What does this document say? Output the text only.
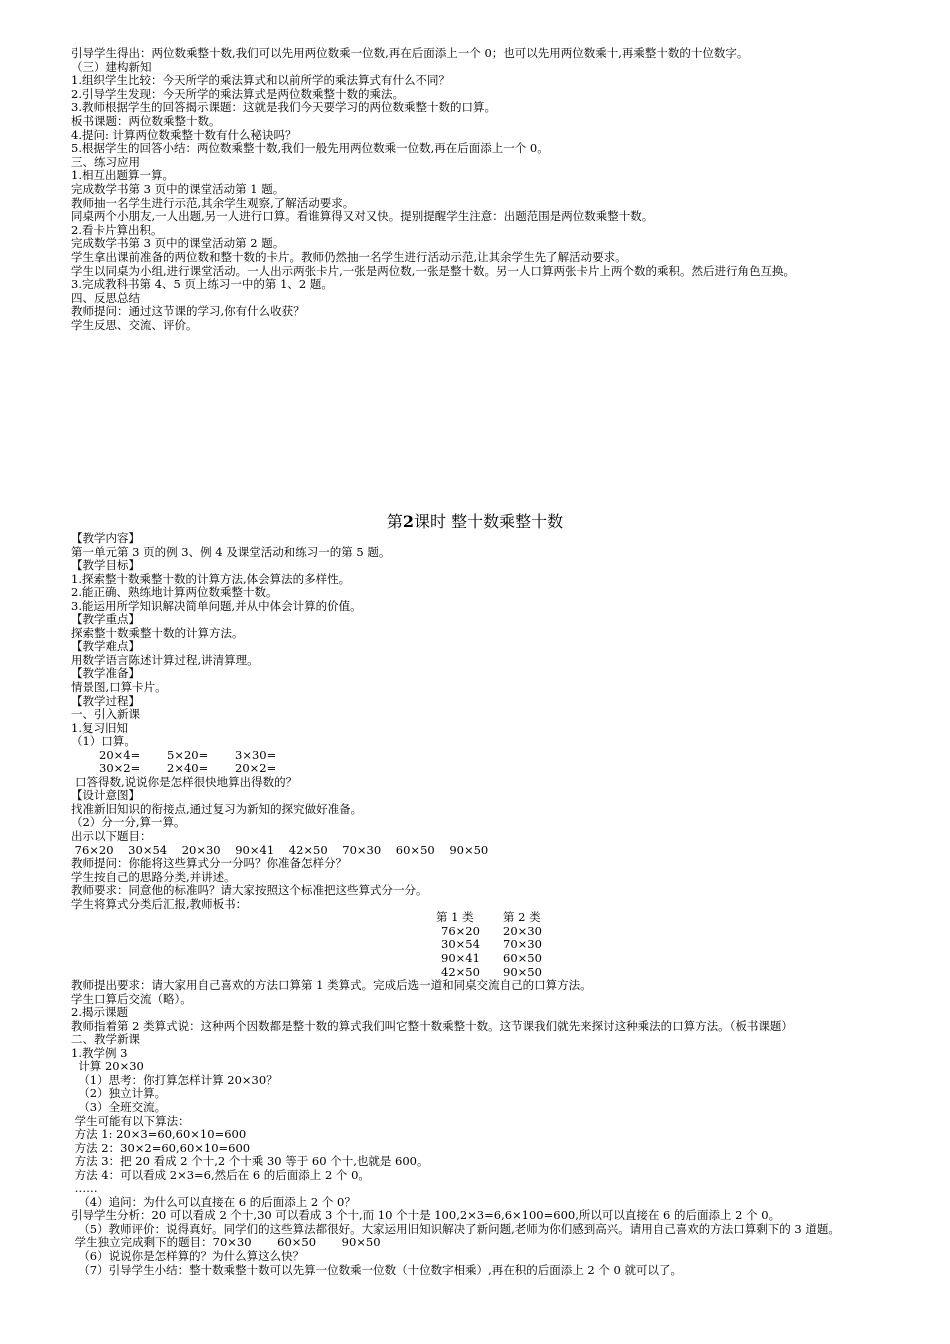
引导学生得出：两位数乘整十数,我们可以先用两位数乘一位数,再在后面添上一个 0；也可以先用两位数乘十,再乘整十数的十位数字。
（三）建构新知
1.组织学生比较：今天所学的乘法算式和以前所学的乘法算式有什么不同？
2.引导学生发现：今天所学的乘法算式是两位数乘整十数的乘法。
3.教师根据学生的回答揭示课题：这就是我们今天要学习的两位数乘整十数的口算。
板书课题：两位数乘整十数。
4.提问: 计算两位数乘整十数有什么秘诀吗？
5.根据学生的回答小结：两位数乘整十数,我们一般先用两位数乘一位数,再在后面添上一个 0。
三、练习应用
1.相互出题算一算。
完成数学书第 3 页中的课堂活动第 1 题。
教师抽一名学生进行示范,其余学生观察,了解活动要求。
同桌两个小朋友,一人出题,另一人进行口算。看谁算得又对又快。提别提醒学生注意：出题范围是两位数乘整十数。
2.看卡片算出积。
完成数学书第 3 页中的课堂活动第 2 题。
学生拿出课前准备的两位数和整十数的卡片。教师仍然抽一名学生进行活动示范,让其余学生先了解活动要求。
学生以同桌为小组,进行课堂活动。一人出示两张卡片,一张是两位数,一张是整十数。另一人口算两张卡片上两个数的乘积。然后进行角色互换。
3.完成教科书第 4、5 页上练习一中的第 1、2 题。
四、反思总结
教师提问：通过这节课的学习,你有什么收获？
学生反思、交流、评价。
第2课时 整十数乘整十数
【教学内容】
第一单元第 3 页的例 3、例 4 及课堂活动和练习一的第 5 题。
【教学目标】
1.探索整十数乘整十数的计算方法,体会算法的多样性。
2.能正确、熟练地计算两位数乘整十数。
3.能运用所学知识解决简单问题,并从中体会计算的价值。
【教学重点】
探索整十数乘整十数的计算方法。
【教学难点】
用数学语言陈述计算过程,讲清算理。
【教学准备】
情景图,口算卡片。
【教学过程】
一、引入新课
1.复习旧知
（1）口算。
20×4= 5×20= 3×30=
30×2= 2×40= 20×2=
口答得数,说说你是怎样很快地算出得数的？
【设计意图】
找准新旧知识的衔接点,通过复习为新知的探究做好准备。
（2）分一分,算一算。
出示以下题目：
76×20    30×54    20×30    90×41    42×50    70×30    60×50    90×50
教师提问：你能将这些算式分一分吗？你准备怎样分？
学生按自己的思路分类,并讲述。
教师要求：同意他的标准吗？请大家按照这个标准把这些算式分一分。
学生将算式分类后汇报,教师板书：
第 1 类	第 2 类
76×20	20×30
30×54	70×30
90×41	60×50
42×50	90×50
教师提出要求：请大家用自己喜欢的方法口算第 1 类算式。完成后选一道和同桌交流自己的口算方法。
学生口算后交流（略）。
2.揭示课题
教师指着第 2 类算式说：这种两个因数都是整十数的算式我们叫它整十数乘整十数。这节课我们就先来探讨这种乘法的口算方法。（板书课题）
二、教学新课
1.教学例 3
计算 20×30
（1）思考：你打算怎样计算 20×30？
（2）独立计算。
（3）全班交流。
学生可能有以下算法：
方法 1: 20×3=60,60×10=600
方法 2：30×2=60,60×10=600
方法 3：把 20 看成 2 个十,2 个十乘 30 等于 60 个十,也就是 600。
方法 4：可以看成 2×3=6,然后在 6 的后面添上 2 个 0。
……
（4）追问：为什么可以直接在 6 的后面添上 2 个 0？
引导学生分析：20 可以看成 2 个十,30 可以看成 3 个十,而 10 个十是 100,2×3=6,6×100=600,所以可以直接在 6 的后面添上 2 个 0。
（5）教师评价：说得真好。同学们的这些算法都很好。大家运用旧知识解决了新问题,老师为你们感到高兴。请用自己喜欢的方法口算剩下的 3 道题。
学生独立完成剩下的题目：70×30       60×50       90×50
（6）说说你是怎样算的？为什么算这么快？
（7）引导学生小结：整十数乘整十数可以先算一位数乘一位数（十位数字相乘）,再在积的后面添上 2 个 0 就可以了。
